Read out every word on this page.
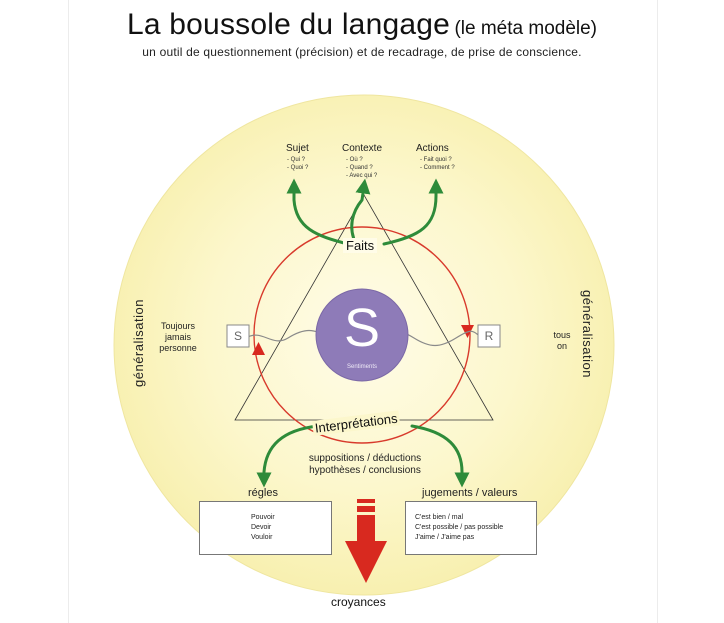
La boussole du langage (le méta modèle)
un outil de questionnement (précision) et de recadrage, de prise de conscience.
Sujet
- Qui ?
- Quoi ?
Contexte
- Où ?
- Quand ?
- Avec qui ?
Actions
- Fait quoi ?
- Comment ?
Faits
Interprétations
S	R
S
Sentiments
généralisation	Toujours
jamais
personne	généralisation
tous
on
suppositions / déductions
hypothèses / conclusions
régles
Pouvoir
Devoir
Vouloir
jugements / valeurs
C'est bien / mal
C'est possible / pas possible
J'aime / J'aime pas
croyances
